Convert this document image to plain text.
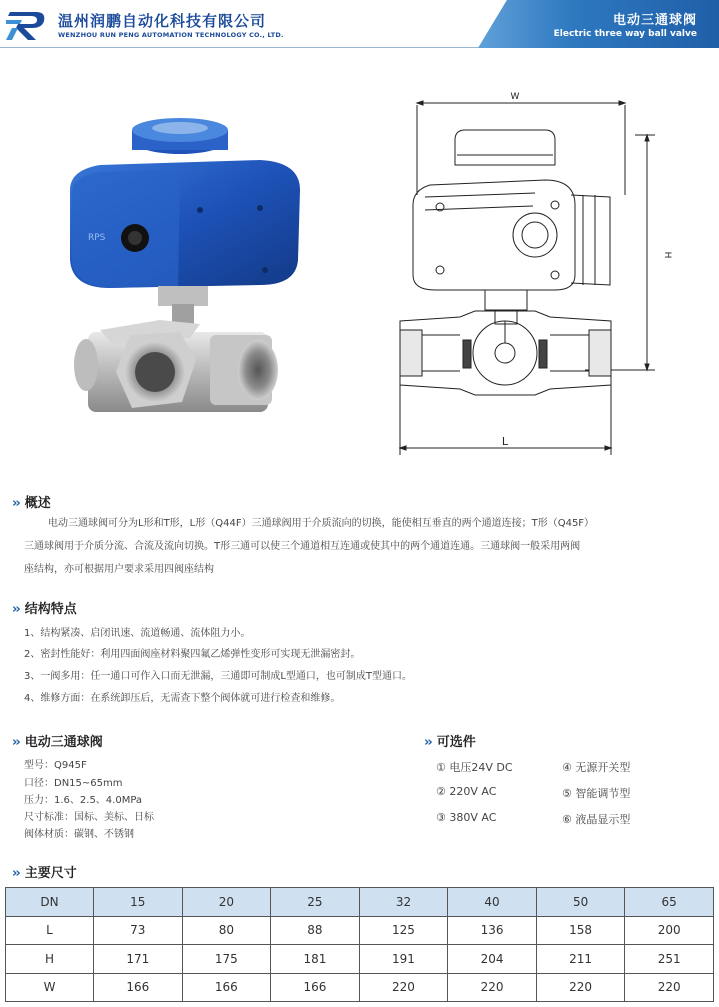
温州润鹏自动化科技有限公司
WENZHOU RUN PENG AUTOMATION TECHNOLOGY CO., LTD.
电动三通球阀
Electric three way ball valve
RPS
W
H
L
›› 概述
电动三通球阀可分为L形和T形，L形（Q44F）三通球阀用于介质流向的切换，能使相互垂直的两个通道连接；T形（Q45F）
三通球阀用于介质分流、合流及流向切换。T形三通可以使三个通道相互连通或使其中的两个通道连通。三通球阀一般采用两阀
座结构，亦可根据用户要求采用四阀座结构
›› 结构特点
1、结构紧凑、启闭讯速、流道畅通、流体阻力小。
2、密封性能好：利用四面阀座材料聚四氟乙烯弹性变形可实现无泄漏密封。
3、一阀多用：任一通口可作入口而无泄漏，三通即可制成L型通口，也可制成T型通口。
4、维修方面：在系统卸压后，无需查下整个阀体就可进行检查和维修。
›› 电动三通球阀
型号：Q945F
口径：DN15~65mm
压力：1.6、2.5、4.0MPa
尺寸标准：国标、美标、日标
阀体材质：碳钢、不锈钢
›› 可选件
① 电压24V DC	④ 无源开关型
② 220V AC	⑤ 智能调节型
③ 380V AC	⑥ 液晶显示型
›› 主要尺寸
DN	15	20	25	32	40	50	65
L	73	80	88	125	136	158	200
H	171	175	181	191	204	211	251
W	166	166	166	220	220	220	220
